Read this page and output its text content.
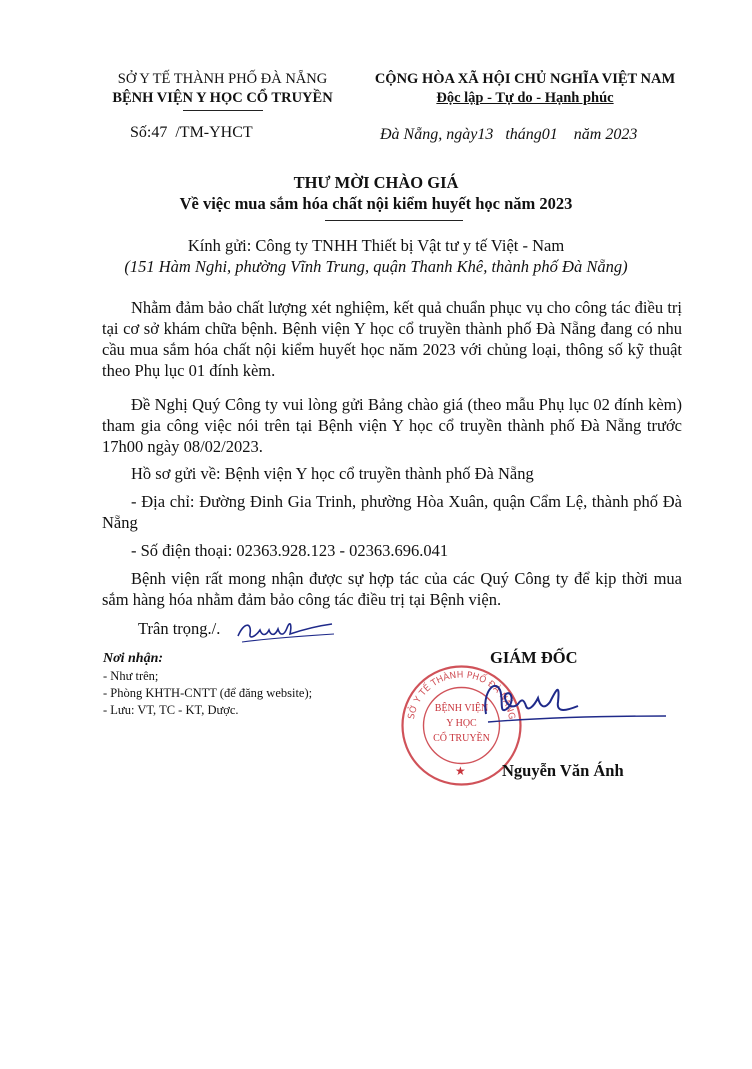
SỞ Y TẾ THÀNH PHỐ ĐÀ NẴNG
BỆNH VIỆN Y HỌC CỔ TRUYỀN
CỘNG HÒA XÃ HỘI CHỦ NGHĨA VIỆT NAM
Độc lập - Tự do - Hạnh phúc
Số:47 /TM-YHCT	Đà Nẵng, ngày13 tháng01 năm 2023
THƯ MỜI CHÀO GIÁ
Về việc mua sắm hóa chất nội kiểm huyết học năm 2023
Kính gửi: Công ty TNHH Thiết bị Vật tư y tế Việt - Nam
(151 Hàm Nghi, phường Vĩnh Trung, quận Thanh Khê, thành phố Đà Nẵng)
Nhằm đảm bảo chất lượng xét nghiệm, kết quả chuẩn phục vụ cho công tác điều trị tại cơ sở khám chữa bệnh. Bệnh viện Y học cổ truyền thành phố Đà Nẵng đang có nhu cầu mua sắm hóa chất nội kiểm huyết học năm 2023 với chủng loại, thông số kỹ thuật theo Phụ lục 01 đính kèm.
Đề Nghị Quý Công ty vui lòng gửi Bảng chào giá (theo mẫu Phụ lục 02 đính kèm) tham gia công việc nói trên tại Bệnh viện Y học cổ truyền thành phố Đà Nẵng trước 17h00 ngày 08/02/2023.
Hồ sơ gửi về: Bệnh viện Y học cổ truyền thành phố Đà Nẵng
- Địa chỉ: Đường Đinh Gia Trinh, phường Hòa Xuân, quận Cẩm Lệ, thành phố Đà Nẵng
- Số điện thoại: 02363.928.123 - 02363.696.041
Bệnh viện rất mong nhận được sự hợp tác của các Quý Công ty để kịp thời mua sắm hàng hóa nhằm đảm bảo công tác điều trị tại Bệnh viện.
Trân trọng./.
Nơi nhận:
- Như trên;
- Phòng KHTH-CNTT (để đăng website);
- Lưu: VT, TC - KT, Dược.
GIÁM ĐỐC
SỞ Y TẾ THÀNH PHỐ ĐÀ NẴNG
BỆNH VIỆN
Y HỌC
CỔ TRUYỀN
★ Nguyễn Văn Ánh
